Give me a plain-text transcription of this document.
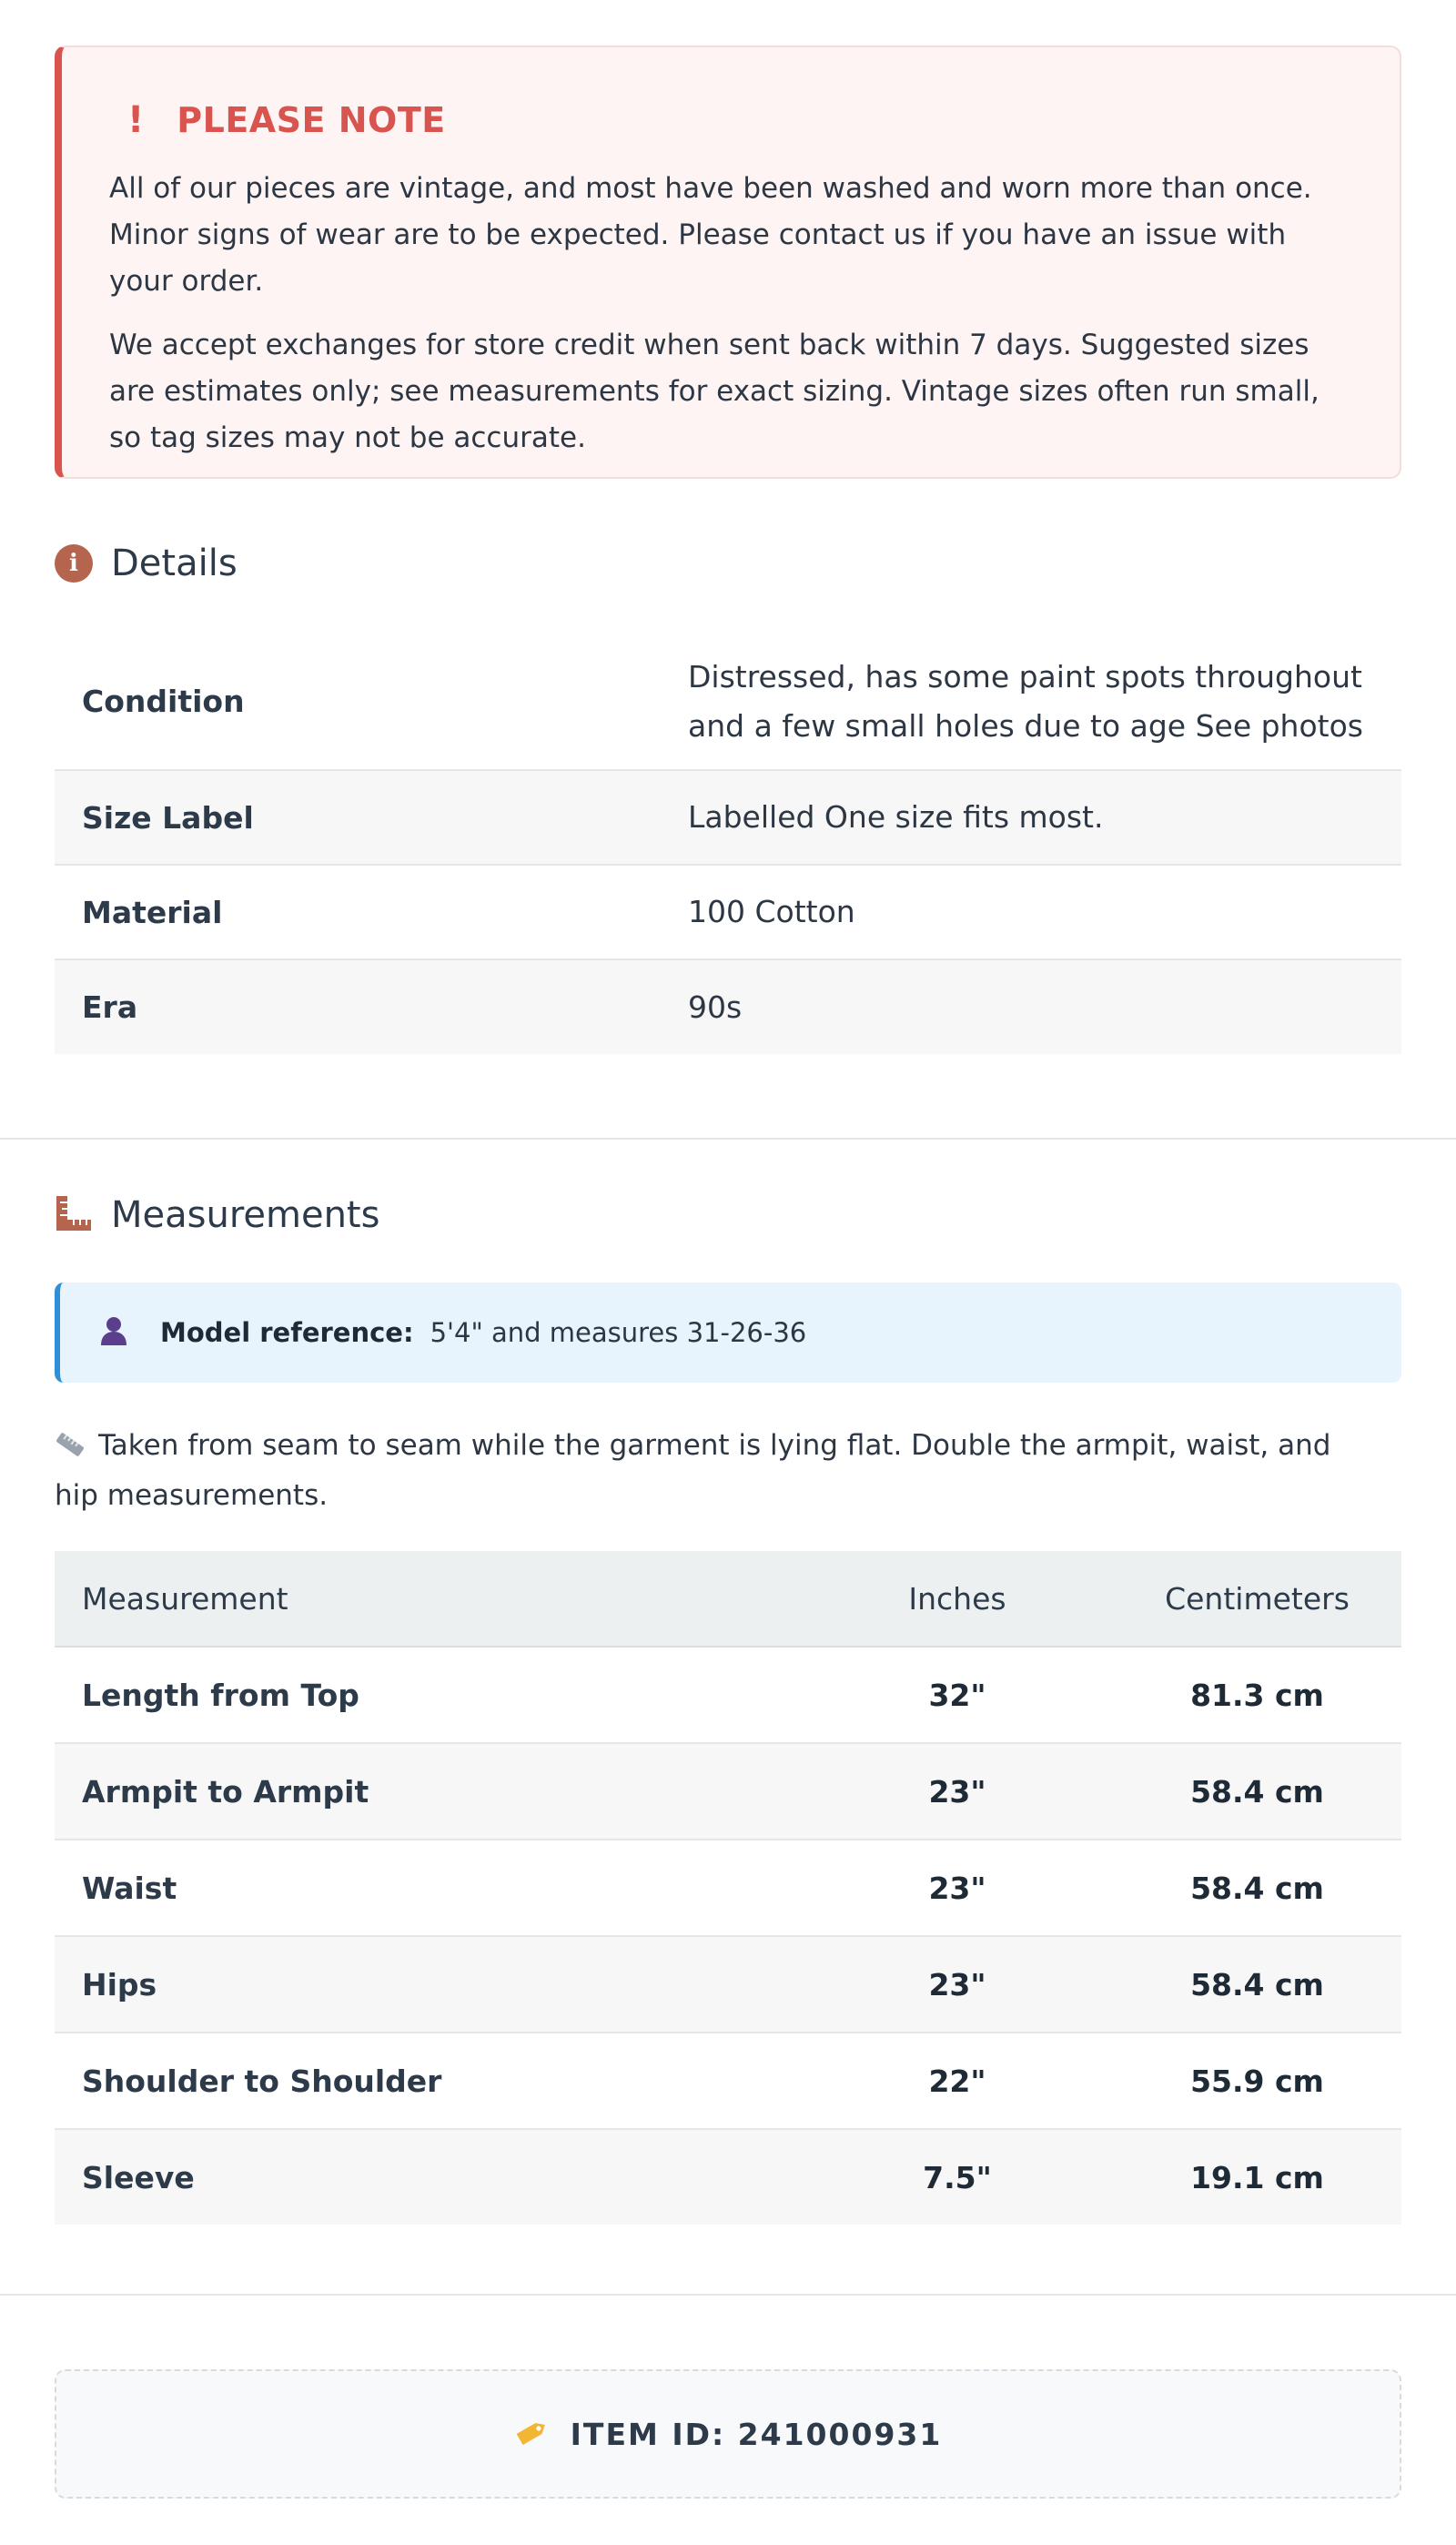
! PLEASE NOTE

All of our pieces are vintage, and most have been washed and worn more than once. Minor signs of wear are to be expected. Please contact us if you have an issue with your order.

We accept exchanges for store credit when sent back within 7 days. Suggested sizes are estimates only; see measurements for exact sizing. Vintage sizes often run small, so tag sizes may not be accurate.

i Details
Condition	Distressed, has some paint spots throughout and a few small holes due to age See photos
Size Label	Labelled One size fits most.
Material	100 Cotton
Era	90s
Measurements
Model reference: 5'4" and measures 31-26-36
Taken from seam to seam while the garment is lying flat. Double the armpit, waist, and hip measurements.
Measurement	Inches	Centimeters
Length from Top	32"	81.3 cm
Armpit to Armpit	23"	58.4 cm
Waist	23"	58.4 cm
Hips	23"	58.4 cm
Shoulder to Shoulder	22"	55.9 cm
Sleeve	7.5"	19.1 cm
ITEM ID: 241000931
